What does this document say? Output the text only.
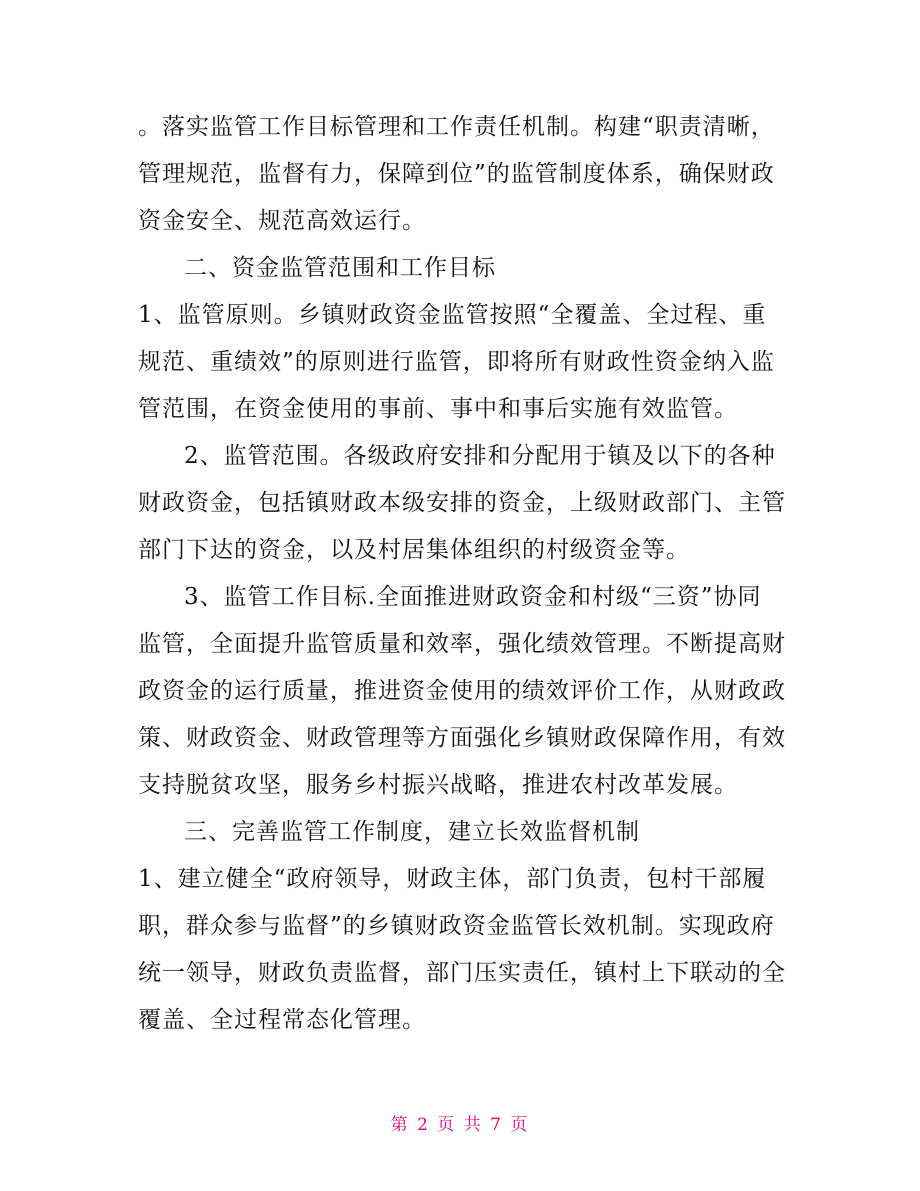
。落实监管工作目标管理和工作责任机制。构建“职责清晰，
管理规范，监督有力，保障到位”的监管制度体系，确保财政
资金安全、规范高效运行。
二、资金监管范围和工作目标
1、监管原则。乡镇财政资金监管按照“全覆盖、全过程、重
规范、重绩效”的原则进行监管，即将所有财政性资金纳入监
管范围，在资金使用的事前、事中和事后实施有效监管。
2、监管范围。各级政府安排和分配用于镇及以下的各种
财政资金，包括镇财政本级安排的资金，上级财政部门、主管
部门下达的资金，以及村居集体组织的村级资金等。
3、监管工作目标.全面推进财政资金和村级“三资”协同
监管，全面提升监管质量和效率，强化绩效管理。不断提高财
政资金的运行质量，推进资金使用的绩效评价工作，从财政政
策、财政资金、财政管理等方面强化乡镇财政保障作用，有效
支持脱贫攻坚，服务乡村振兴战略，推进农村改革发展。
三、完善监管工作制度，建立长效监督机制
1、建立健全“政府领导，财政主体，部门负责，包村干部履
职，群众参与监督”的乡镇财政资金监管长效机制。实现政府
统一领导，财政负责监督，部门压实责任，镇村上下联动的全
覆盖、全过程常态化管理。
第 2 页 共 7 页
